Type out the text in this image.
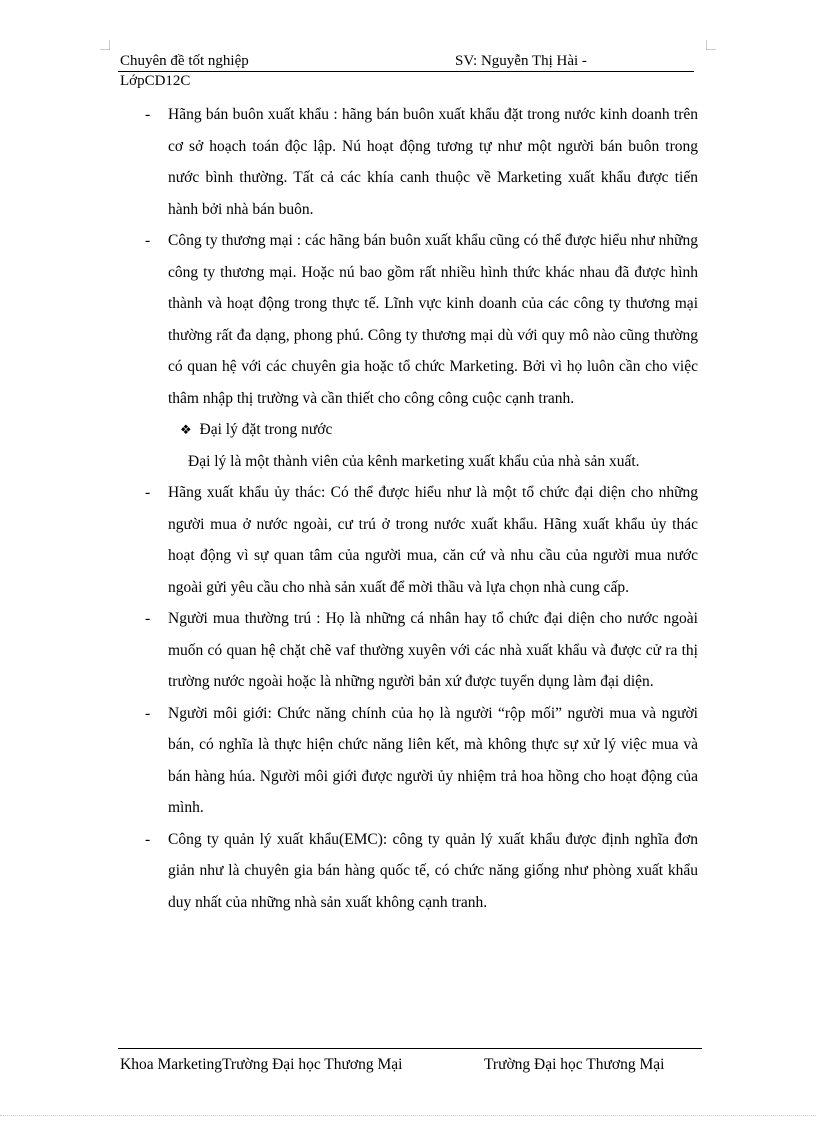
Chuyên đề tốt nghiệp	SV: Nguyễn Thị Hài -
LớpCD12C
- Hãng bán buôn xuất khẩu : hãng bán buôn xuất khẩu đặt trong nước kinh doanh trên cơ sở hoạch toán độc lập. Nú hoạt động tương tự như một người bán buôn trong nước bình thường. Tất cả các khía canh thuộc về Marketing xuất khẩu được tiến hành bởi nhà bán buôn.
- Công ty thương mại : các hãng bán buôn xuất khẩu cũng có thể được hiểu như những công ty thương mại. Hoặc nú bao gồm rất nhiều hình thức khác nhau đã được hình thành và hoạt động trong thực tế. Lĩnh vực kinh doanh của các công ty thương mại thường rất đa dạng, phong phú. Công ty thương mại dù với quy mô nào cũng thường có quan hệ với các chuyên gia hoặc tổ chức Marketing. Bởi vì họ luôn cần cho việc thâm nhập thị trường và cần thiết cho công công cuộc cạnh tranh.
❖ Đại lý đặt trong nước
Đại lý là một thành viên của kênh marketing xuất khẩu của nhà sản xuất.
- Hãng xuất khẩu ủy thác: Có thể được hiểu như là một tổ chức đại diện cho những người mua ở nước ngoài, cư trú ở trong nước xuất khẩu. Hãng xuất khẩu ủy thác hoạt động vì sự quan tâm của người mua, căn cứ và nhu cầu của người mua nước ngoài gửi yêu cầu cho nhà sản xuất để mời thầu và lựa chọn nhà cung cấp.
- Người mua thường trú : Họ là những cá nhân hay tổ chức đại diện cho nước ngoài muốn có quan hệ chặt chẽ vaf thường xuyên với các nhà xuất khẩu và được cử ra thị trường nước ngoài hoặc là những người bản xứ được tuyển dụng làm đại diện.
- Người môi giới: Chức năng chính của họ là người “rộp mối” người mua và người bán, có nghĩa là thực hiện chức năng liên kết, mà không thực sự xử lý việc mua và bán hàng húa. Người môi giới được người ủy nhiệm trả hoa hồng cho hoạt động của mình.
- Công ty quản lý xuất khẩu(EMC): công ty quản lý xuất khẩu được định nghĩa đơn giản như là chuyên gia bán hàng quốc tế, có chức năng giống như phòng xuất khẩu duy nhất của những nhà sản xuất không cạnh tranh.
Khoa MarketingTrường Đại học Thương Mại	Trường Đại học Thương Mại
